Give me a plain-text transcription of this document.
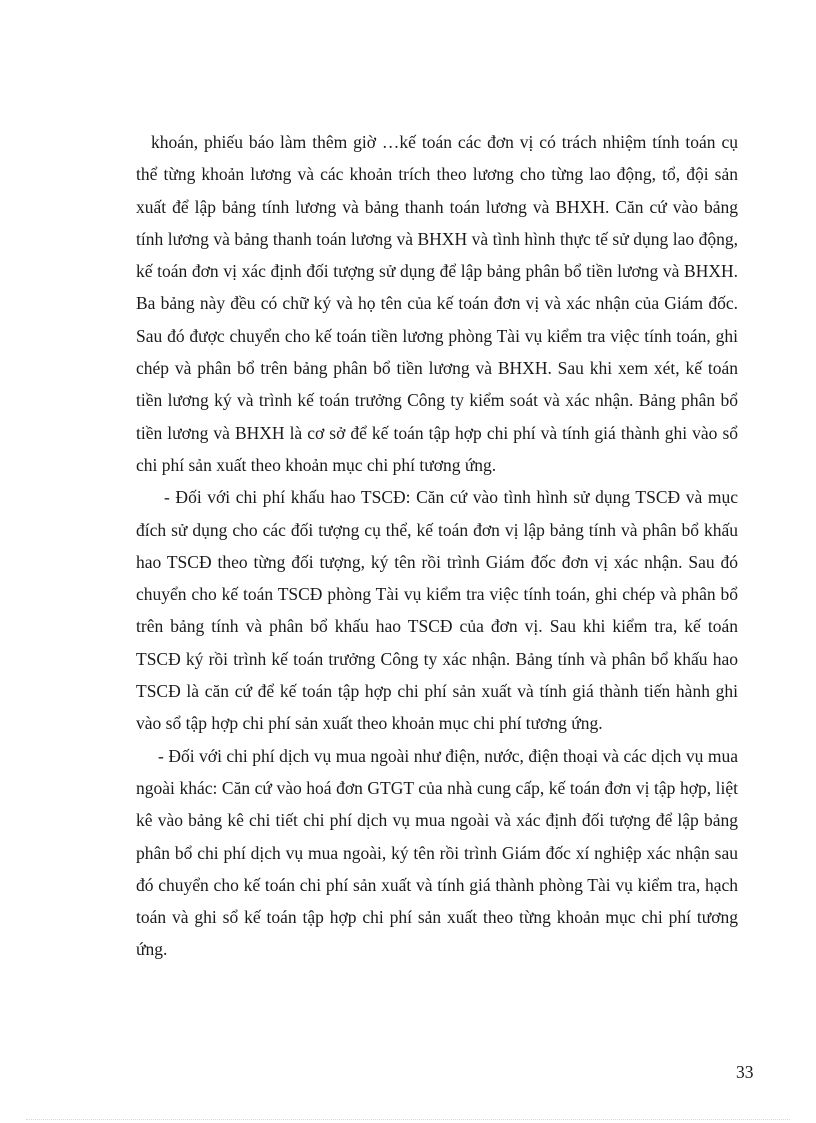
khoán, phiếu báo làm thêm giờ …kế toán các đơn vị có trách nhiệm tính toán cụ thể từng khoản lương và các khoản trích theo lương cho từng lao động, tổ, đội sản xuất để lập bảng tính lương và bảng thanh toán lương và BHXH. Căn cứ vào bảng tính lương và bảng thanh toán lương và BHXH và tình hình thực tế sử dụng lao động, kế toán đơn vị xác định đối tượng sử dụng để lập bảng phân bổ tiền lương và BHXH. Ba bảng này đều có chữ ký và họ tên của kế toán đơn vị và xác nhận của Giám đốc. Sau đó được chuyển cho kế toán tiền lương phòng Tài vụ kiểm tra việc tính toán, ghi chép và phân bổ trên bảng phân bổ tiền lương và BHXH. Sau khi xem xét, kế toán tiền lương ký và trình kế toán trưởng Công ty kiểm soát và xác nhận. Bảng phân bổ tiền lương và BHXH là cơ sở để kế toán tập hợp chi phí và tính giá thành ghi vào sổ chi phí sản xuất theo khoản mục chi phí tương ứng.

- Đối với chi phí khấu hao TSCĐ: Căn cứ vào tình hình sử dụng TSCĐ và mục đích sử dụng cho các đối tượng cụ thể, kế toán đơn vị lập bảng tính và phân bổ khấu hao TSCĐ theo từng đối tượng, ký tên rồi trình Giám đốc đơn vị xác nhận. Sau đó chuyển cho kế toán TSCĐ phòng Tài vụ kiểm tra việc tính toán, ghi chép và phân bổ trên bảng tính và phân bổ khấu hao TSCĐ của đơn vị. Sau khi kiểm tra, kế toán TSCĐ ký rồi trình kế toán trưởng Công ty xác nhận. Bảng tính và phân bổ khấu hao TSCĐ là căn cứ để kế toán tập hợp chi phí sản xuất và tính giá thành tiến hành ghi vào sổ tập hợp chi phí sản xuất theo khoản mục chi phí tương ứng.

- Đối với chi phí dịch vụ mua ngoài như điện, nước, điện thoại và các dịch vụ mua ngoài khác: Căn cứ vào hoá đơn GTGT của nhà cung cấp, kế toán đơn vị tập hợp, liệt kê vào bảng kê chi tiết chi phí dịch vụ mua ngoài và xác định đối tượng để lập bảng phân bổ chi phí dịch vụ mua ngoài, ký tên rồi trình Giám đốc xí nghiệp xác nhận sau đó chuyển cho kế toán chi phí sản xuất và tính giá thành phòng Tài vụ kiểm tra, hạch toán và ghi sổ kế toán tập hợp chi phí sản xuất theo từng khoản mục chi phí tương ứng.

33
